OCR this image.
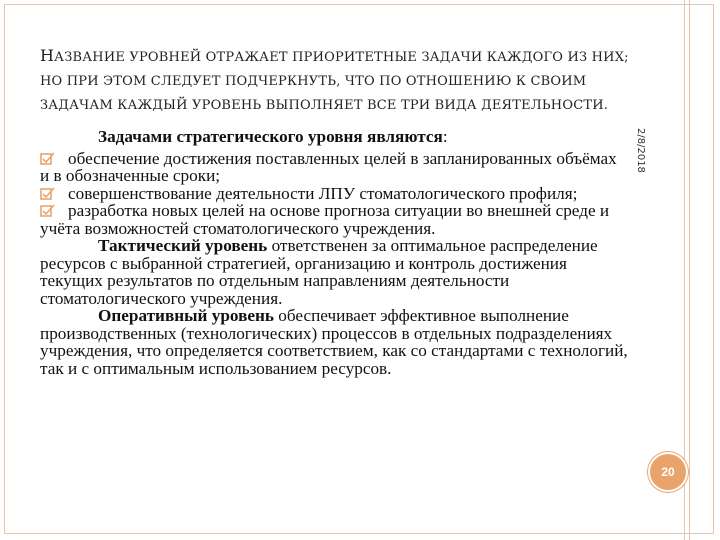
НАЗВАНИЕ УРОВНЕЙ ОТРАЖАЕТ ПРИОРИТЕТНЫЕ ЗАДАЧИ КАЖДОГО ИЗ НИХ; НО ПРИ ЭТОМ СЛЕДУЕТ ПОДЧЕРКНУТЬ, ЧТО ПО ОТНОШЕНИЮ К СВОИМ ЗАДАЧАМ КАЖДЫЙ УРОВЕНЬ ВЫПОЛНЯЕТ ВСЕ ТРИ ВИДА ДЕЯТЕЛЬНОСТИ.
2/8/2018
20

Задачами стратегического уровня являются:

обеспечение достижения поставленных целей в запланированных объёмах и в обозначенные сроки;

совершенствование деятельности ЛПУ стоматологического профиля;

разработка новых целей на основе прогноза ситуации во внешней среде и учёта возможностей стоматологического учреждения.

Тактический уровень ответственен за оптимальное распределение ресурсов с выбранной стратегией, организацию и контроль достижения текущих результатов по отдельным направлениям деятельности стоматологического учреждения.

Оперативный уровень обеспечивает эффективное выполнение производственных (технологических) процессов в отдельных подразделениях учреждения, что определяется соответствием, как со стандартами с технологий, так и с оптимальным использованием ресурсов.
